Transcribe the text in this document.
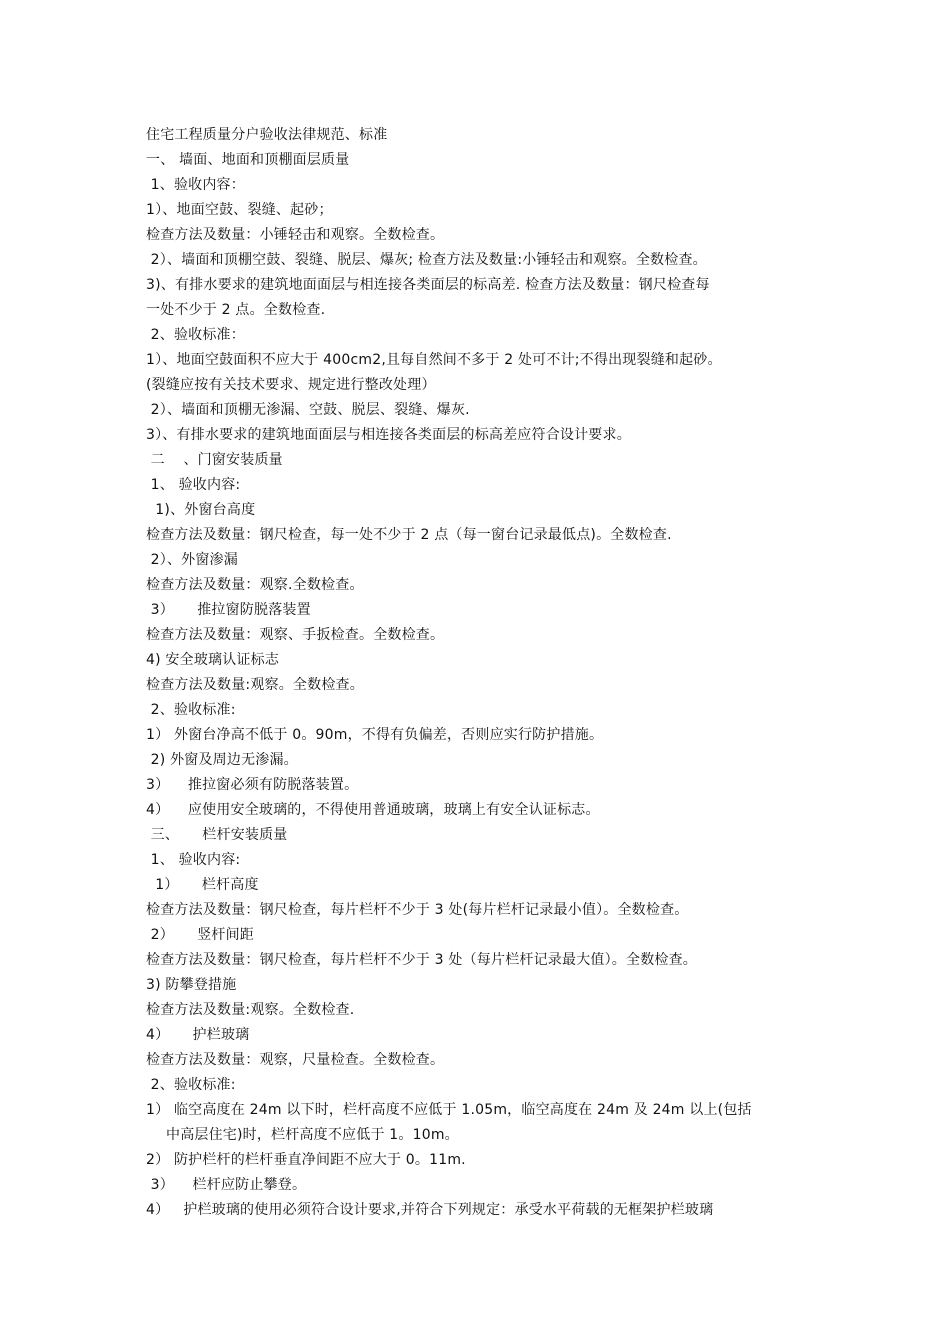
住宅工程质量分户验收法律规范、标准
一、 墙面、地面和顶棚面层质量
1、验收内容：
1）、地面空鼓、裂缝、起砂；
检查方法及数量：小锤轻击和观察。全数检查。
2）、墙面和顶棚空鼓、裂缝、脱层、爆灰; 检查方法及数量:小锤轻击和观察。全数检查。
3)、有排水要求的建筑地面面层与相连接各类面层的标高差. 检查方法及数量：钢尺检查每
一处不少于 2 点。全数检查.
2、验收标准：
1）、地面空鼓面积不应大于 400cm2,且每自然间不多于 2 处可不计;不得出现裂缝和起砂。
(裂缝应按有关技术要求、规定进行整改处理）
2）、墙面和顶棚无渗漏、空鼓、脱层、裂缝、爆灰.
3）、有排水要求的建筑地面面层与相连接各类面层的标高差应符合设计要求。
二    、门窗安装质量
1、 验收内容:
1)、外窗台高度
检查方法及数量：钢尺检查，每一处不少于 2 点（每一窗台记录最低点)。全数检查.
2）、外窗渗漏
检查方法及数量：观察.全数检查。
3）     推拉窗防脱落装置
检查方法及数量：观察、手扳检查。全数检查。
4) 安全玻璃认证标志
检查方法及数量:观察。全数检查。
2、验收标准:
1） 外窗台净高不低于 0。90m，不得有负偏差，否则应实行防护措施。
2) 外窗及周边无渗漏。
3）    推拉窗必须有防脱落装置。
4）    应使用安全玻璃的，不得使用普通玻璃，玻璃上有安全认证标志。
三、     栏杆安装质量
1、 验收内容:
1）     栏杆高度
检查方法及数量：钢尺检查，每片栏杆不少于 3 处(每片栏杆记录最小值）。全数检查。
2）     竖杆间距
检查方法及数量：钢尺检查，每片栏杆不少于 3 处（每片栏杆记录最大值）。全数检查。
3) 防攀登措施
检查方法及数量:观察。全数检查.
4）     护栏玻璃
检查方法及数量：观察，尺量检查。全数检查。
2、验收标准:
1） 临空高度在 24m 以下时，栏杆高度不应低于 1.05m，临空高度在 24m 及 24m 以上(包括
中高层住宅)时，栏杆高度不应低于 1。10m。
2） 防护栏杆的栏杆垂直净间距不应大于 0。11m.
3）    栏杆应防止攀登。
4）   护栏玻璃的使用必须符合设计要求,并符合下列规定：承受水平荷载的无框架护栏玻璃
